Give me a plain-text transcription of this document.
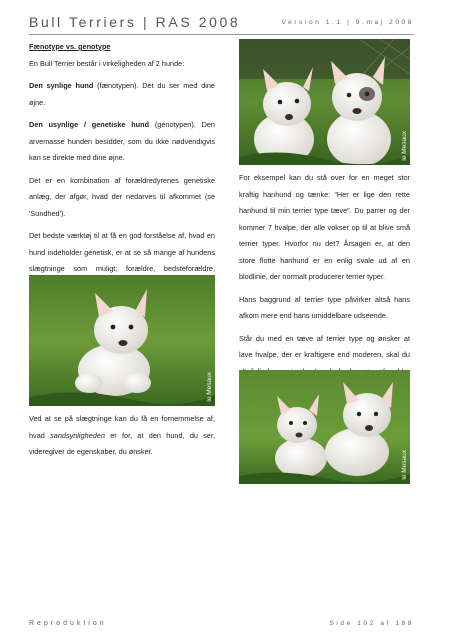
Bull Terriers | RAS 2008	Version 1.1 | 9.maj 2008
Fænotype vs. genotype

En Bull Terrier består i virkeligheden af 2 hunde:

Den synlige hund (fænotypen). Det du ser med dine øjne.

Den usynlige / genetiske hund (genotypen). Den arvemasse hunden besidder, som du ikke nødvendigvis kan se direkte med dine øjne.

Det er en kombination af forældredyrenes genetiske anlæg, der afgør, hvad der nedarves til afkommet (se 'Sundhed').

Det bedste værktøj til at få en god forståelse af, hvad en hund indeholder genetisk, er at se så mange af hundens slægtninge som muligt; forældre, bedsteforældre,

le Mesaux

For eksempel kan du stå over for en meget stor kraftig hanhund og tænke: “Her er lige den rette hanhund til min terrier type tæve”. Du parrer og der kommer 7 hvalpe, der alle vokser op til at blive små terrier typer. Hvorfor nu det? Årsagen er, at den store flotte hanhund er en enlig svale ud af en blodlinie, der normalt producerer terrier typer.

Hans baggrund af terrier type påvirker altså hans afkom mere end hans umiddelbare udseende.

Står du med en tæve af terrier type og ønsker at lave hvalpe, der er kraftigere end moderen, skal du

le Mesaux

Ved at se på slægtninge kan du få en fornemmelse af, hvad sandsynligheden er for, at den hund, du ser, videregiver de egenskaber, du ønsker.	le Mesaux
Reproduktion	Side 102 af 188
